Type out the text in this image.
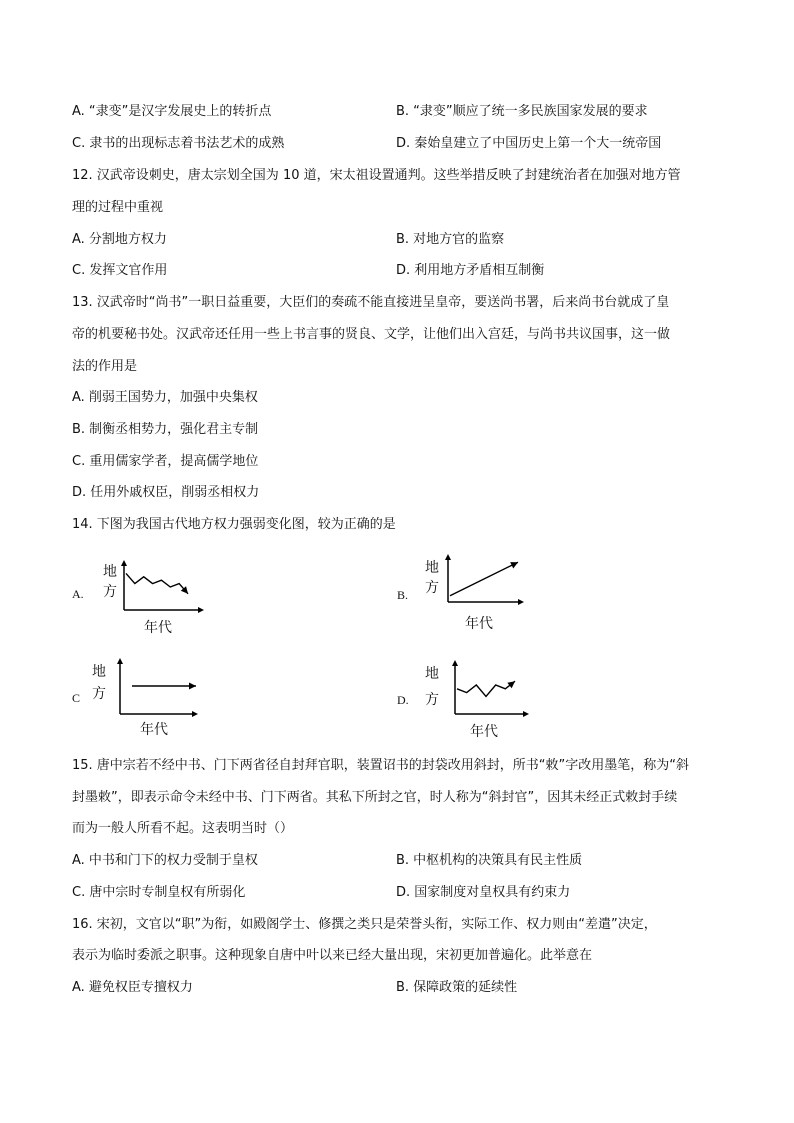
A. “隶变”是汉字发展史上的转折点	B. “隶变”顺应了统一多民族国家发展的要求
C. 隶书的出现标志着书法艺术的成熟	D. 秦始皇建立了中国历史上第一个大一统帝国
12. 汉武帝设刺史，唐太宗划全国为 10 道，宋太祖设置通判。这些举措反映了封建统治者在加强对地方管
理的过程中重视
A. 分割地方权力	B. 对地方官的监察
C. 发挥文官作用	D. 利用地方矛盾相互制衡
13. 汉武帝时“尚书”一职日益重要，大臣们的奏疏不能直接进呈皇帝，要送尚书署，后来尚书台就成了皇
帝的机要秘书处。汉武帝还任用一些上书言事的贤良、文学，让他们出入宫廷，与尚书共议国事，这一做
法的作用是
A. 削弱王国势力，加强中央集权
B. 制衡丞相势力，强化君主专制
C. 重用儒家学者，提高儒学地位
D. 任用外戚权臣，削弱丞相权力
14. 下图为我国古代地方权力强弱变化图，较为正确的是
A.
地
方
年代
B.
地
方
年代
C
地
方
年代
D.
地
方
年代
15. 唐中宗若不经中书、门下两省径自封拜官职，装置诏书的封袋改用斜封，所书“敕”字改用墨笔，称为“斜
封墨敕”，即表示命令未经中书、门下两省。其私下所封之官，时人称为“斜封官”，因其未经正式敕封手续
而为一般人所看不起。这表明当时（）
A. 中书和门下的权力受制于皇权	B. 中枢机构的决策具有民主性质
C. 唐中宗时专制皇权有所弱化	D. 国家制度对皇权具有约束力
16. 宋初，文官以“职”为衔，如殿阁学士、修撰之类只是荣誉头衔，实际工作、权力则由“差遣”决定，
表示为临时委派之职事。这种现象自唐中叶以来已经大量出现，宋初更加普遍化。此举意在
A. 避免权臣专擅权力	B. 保障政策的延续性
